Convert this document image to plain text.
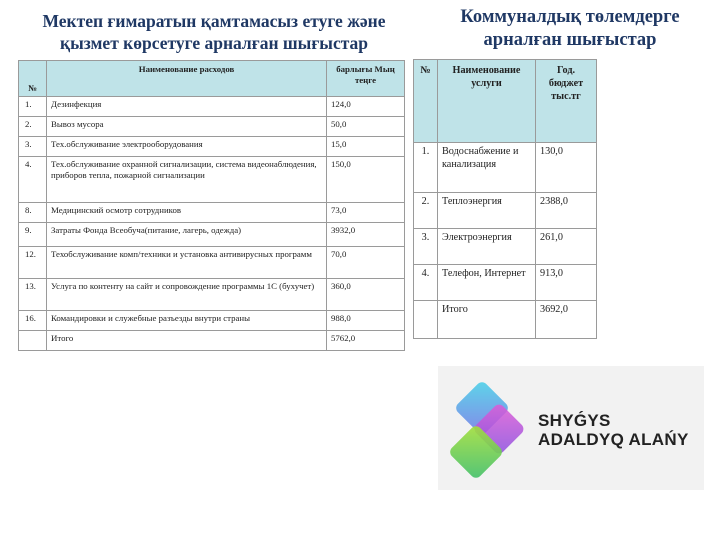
Мектеп ғимаратын қамтамасыз етуге және қызмет көрсетуге арналған шығыстар
Коммуналдық төлемдерге арналған шығыстар
№	Наименование расходов	барлығы Мың теңге
1.	Дезинфекция	124,0
2.	Вывоз мусора	50,0
3.	Тех.обслуживание электрооборудования	15,0
4.	Тех.обслуживание охранной сигнализации, система видеонаблюдения, приборов тепла, пожарной сигнализации	150,0
8.	Медицинский осмотр сотрудников	73,0
9.	Затраты Фонда Всеобуча(питание, лагерь, одежда)	3932,0
12.	Техобслуживание комп/техники и установка антивирусных программ	70,0
13.	Услуга по контенту на сайт и сопровождение программы 1С (бухучет)	360,0
16.	Командировки и служебные разъезды внутри страны	988,0
	Итого	5762,0
№	Наименование услуги	Год. бюджет тыс.тг
1.	Водоснабжение и канализация	130,0
2.	Теплоэнергия	2388,0
3.	Электроэнергия	261,0
4.	Телефон, Интернет	913,0
	Итого	3692,0
SHYǴYS
ADALDYQ ALAŃY
